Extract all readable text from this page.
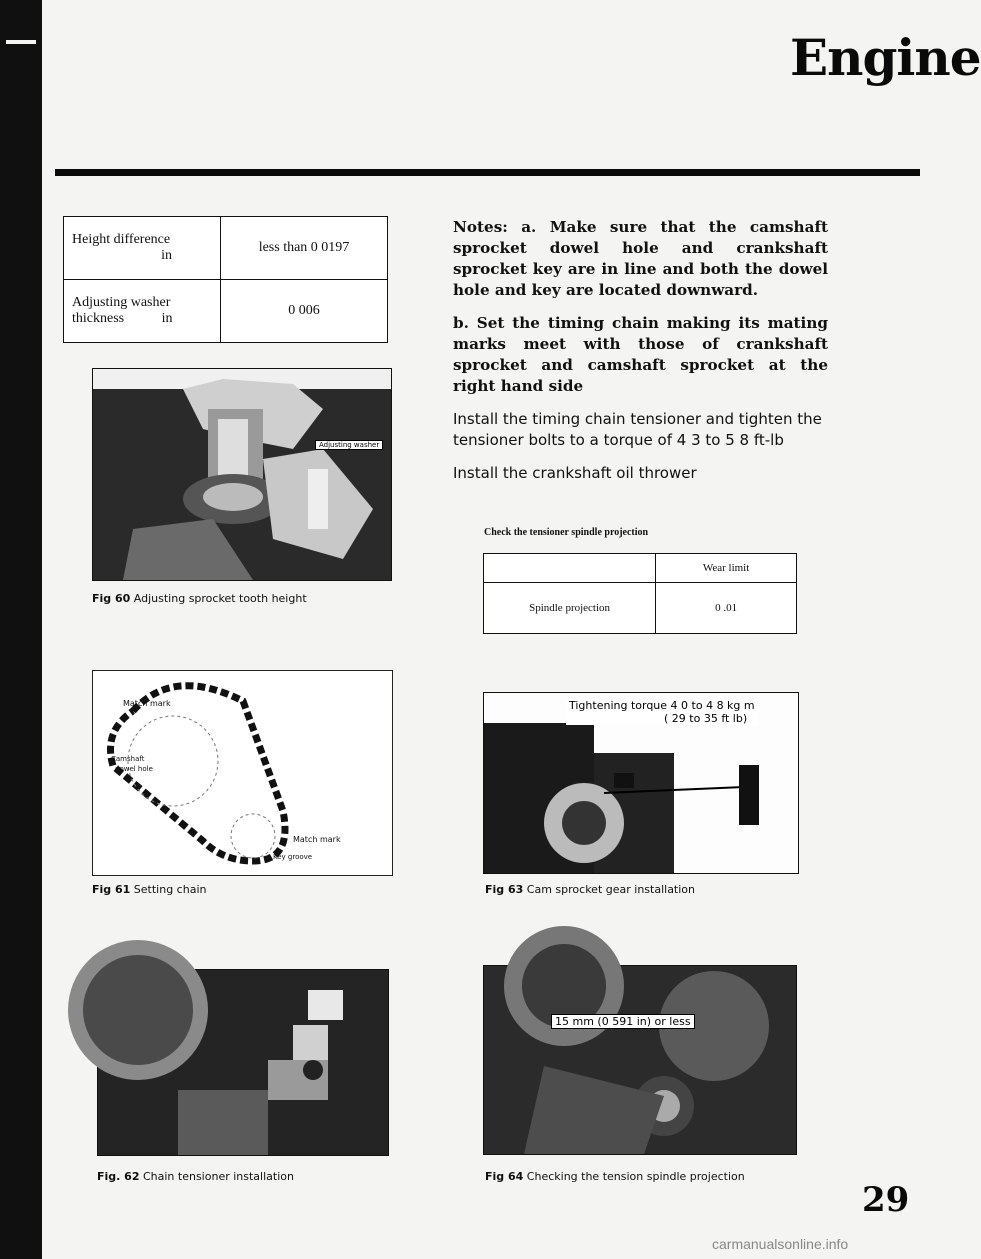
Engine
Height difference
in	less than 0 0197

Adjusting washer
thickness in	0 006

Notes: a. Make sure that the camshaft sprocket dowel hole and crankshaft sprocket key are in line and both the dowel hole and key are located downward.

b. Set the timing chain making its mating marks meet with those of crankshaft sprocket and camshaft sprocket at the right hand side

Install the timing chain tensioner and tighten the tensioner bolts to a torque of 4 3 to 5 8 ft-lb

Install the crankshaft oil thrower

Check the tensioner spindle projection
	Wear limit
Spindle projection	0 .01
Adjusting washer
Fig 60 Adjusting sprocket tooth height
Match mark
Camshaft
dowel hole
Match mark
Key groove
Fig 61 Setting chain
Fig. 62 Chain tensioner installation
Tightening torque 4 0 to 4 8 kg m
( 29 to 35 ft lb)
Fig 63 Cam sprocket gear installation
15 mm (0 591 in) or less
Fig 64 Checking the tension spindle projection
29
carmanualsonline.info
